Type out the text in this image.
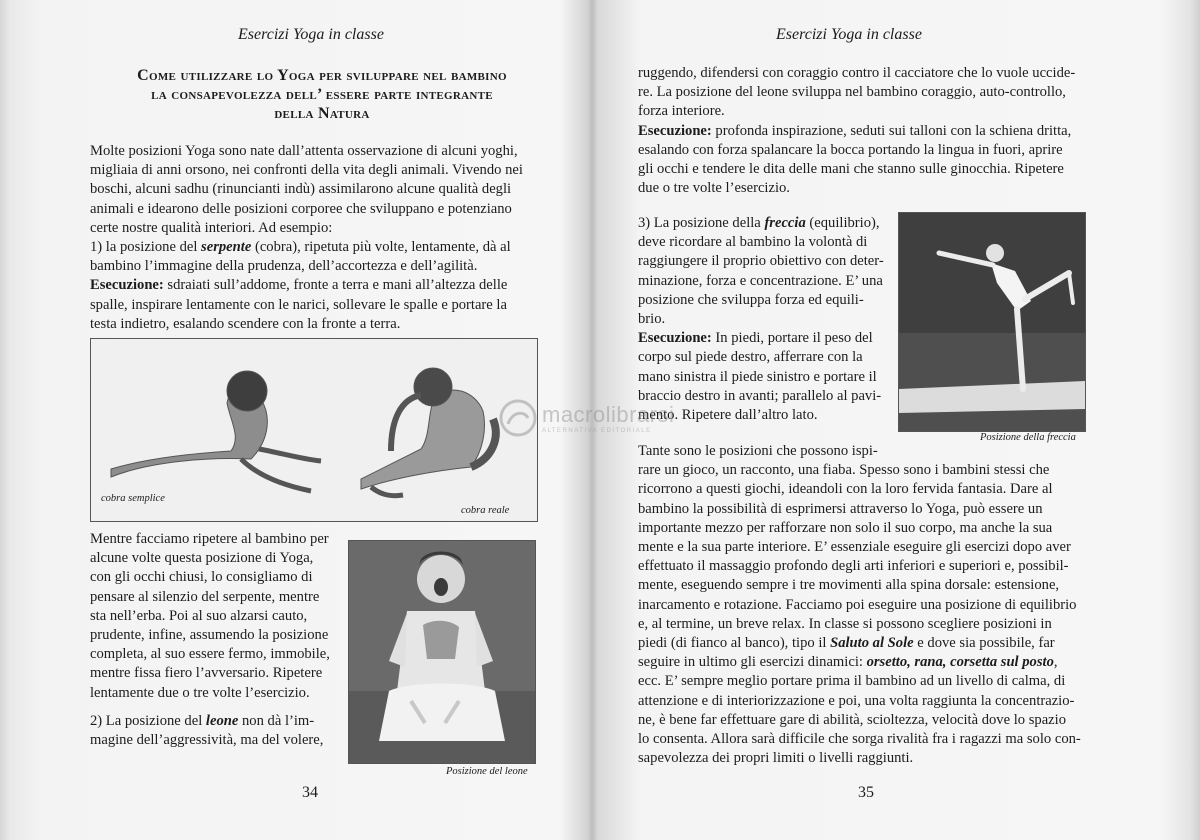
Esercizi Yoga in classe
Come utilizzare lo Yoga per sviluppare nel bambino
la consapevolezza dell’ essere parte integrante
della Natura

Molte posizioni Yoga sono nate dall’attenta osservazione di alcuni yoghi,

migliaia di anni orsono, nei confronti della vita degli animali. Vivendo nei

boschi, alcuni sadhu (rinuncianti indù) assimilarono alcune qualità degli

animali e idearono delle posizioni corporee che sviluppano e potenziano

certe nostre qualità interiori. Ad esempio:

1) la posizione del serpente (cobra), ripetuta più volte, lentamente, dà al

bambino l’immagine della prudenza, dell’accortezza e dell’agilità.

Esecuzione: sdraiati sull’addome, fronte a terra e mani all’altezza delle

spalle, inspirare lentamente con le narici, sollevare le spalle e portare la

testa indietro, esalando scendere con la fronte a terra.

cobra semplice
cobra reale

Mentre facciamo ripetere al bambino per

alcune volte questa posizione di Yoga,

con gli occhi chiusi, lo consigliamo di

pensare al silenzio del serpente, mentre

sta nell’erba. Poi al suo alzarsi cauto,

prudente, infine, assumendo la posizione

completa, al suo essere fermo, immobile,

mentre fissa fiero l’avversario. Ripetere

lentamente due o tre volte l’esercizio.

2) La posizione del leone non dà l’im-

magine dell’aggressività, ma del volere,

Posizione del leone
34
Esercizi Yoga in classe

ruggendo, difendersi con coraggio contro il cacciatore che lo vuole uccide-

re. La posizione del leone sviluppa nel bambino coraggio, auto-controllo,

forza interiore.

Esecuzione: profonda inspirazione, seduti sui talloni con la schiena dritta,

esalando con forza spalancare la bocca portando la lingua in fuori, aprire

gli occhi e tendere le dita delle mani che stanno sulle ginocchia. Ripetere

due o tre volte l’esercizio.

3) La posizione della freccia (equilibrio),

deve ricordare al bambino la volontà di

raggiungere il proprio obiettivo con deter-

minazione, forza e concentrazione. E’ una

posizione che sviluppa forza ed equili-

brio.

Esecuzione: In piedi, portare il peso del

corpo sul piede destro, afferrare con la

mano sinistra il piede sinistro e portare il

braccio destro in avanti; parallelo al pavi-

mento. Ripetere dall’altro lato.

Posizione della freccia

Tante sono le posizioni che possono ispi-

rare un gioco, un racconto, una fiaba. Spesso sono i bambini stessi che

ricorrono a questi giochi, ideandoli con la loro fervida fantasia. Dare al

bambino la possibilità di esprimersi attraverso lo Yoga, può essere un

importante mezzo per rafforzare non solo il suo corpo, ma anche la sua

mente e la sua parte interiore. E’ essenziale eseguire gli esercizi dopo aver

effettuato il massaggio profondo degli arti inferiori e superiori e, possibil-

mente, eseguendo sempre i tre movimenti alla spina dorsale: estensione,

inarcamento e rotazione. Facciamo poi eseguire una posizione di equilibrio

e, al termine, un breve relax. In classe si possono scegliere posizioni in

piedi (di fianco al banco), tipo il Saluto al Sole e dove sia possibile, far

seguire in ultimo gli esercizi dinamici: orsetto, rana, corsetta sul posto,

ecc. E’ sempre meglio portare prima il bambino ad un livello di calma, di

attenzione e di interiorizzazione e poi, una volta raggiunta la concentrazio-

ne, è bene far effettuare gare di abilità, scioltezza, velocità dove lo spazio

lo consenta. Allora sarà difficile che sorga rivalità fra i ragazzi ma solo con-

sapevolezza dei propri limiti o livelli raggiunti.

35
macrolibrarsi
ALTERNATIVA EDITORIALE
